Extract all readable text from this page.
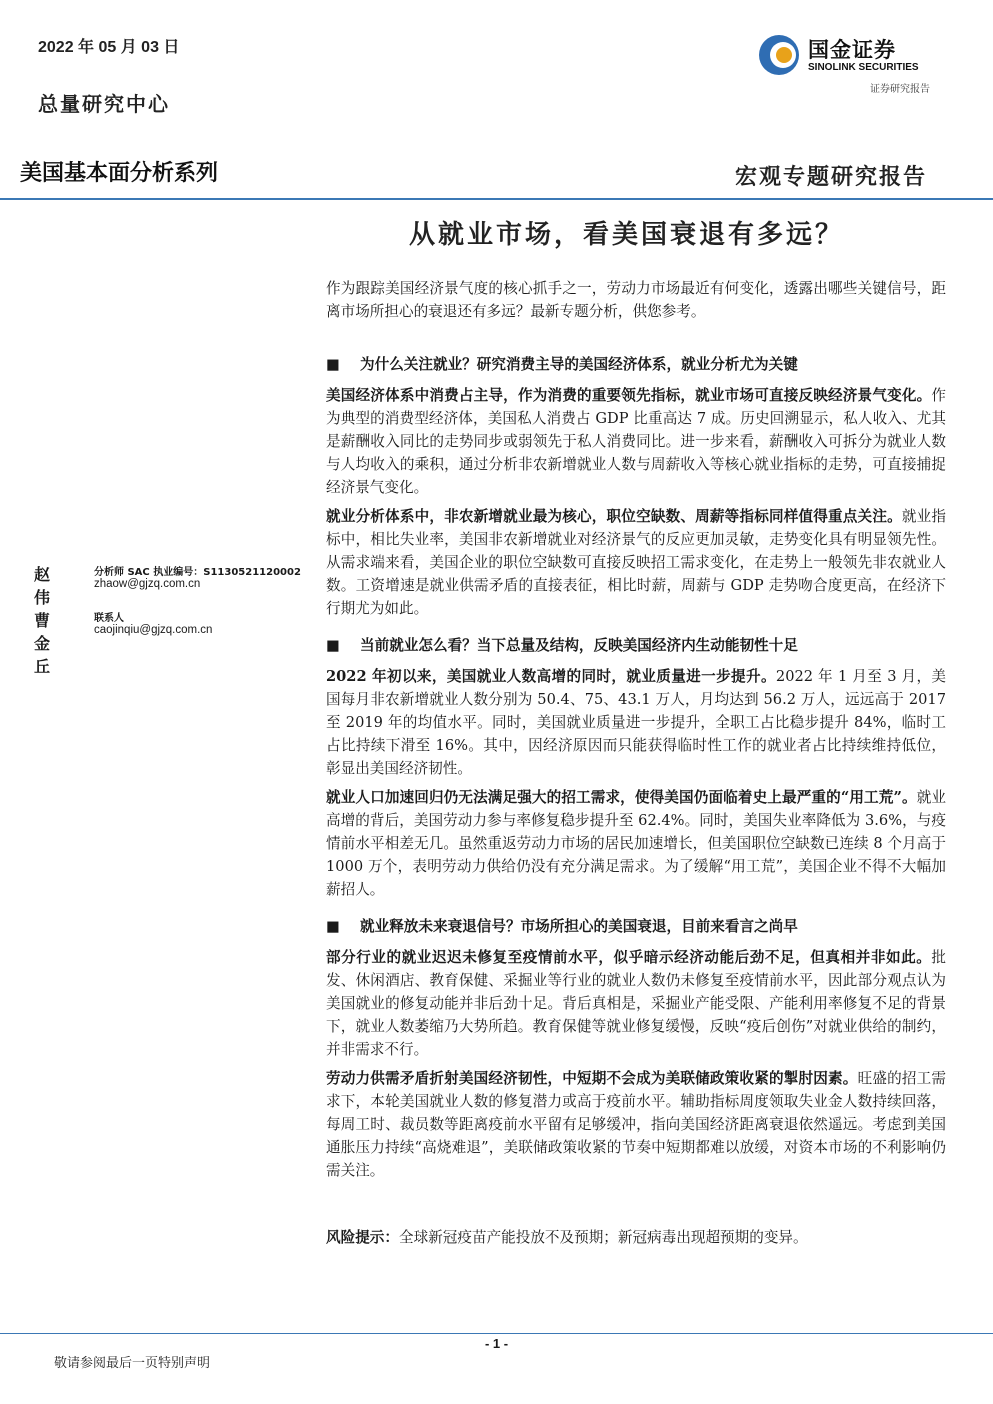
2022 年 05 月 03 日
总量研究中心
国金证券
SINOLINK SECURITIES
证券研究报告
美国基本面分析系列	宏观专题研究报告
从就业市场，看美国衰退有多远？
赵伟
分析师 SAC 执业编号：S1130521120002
zhaow@gjzq.com.cn
曹金丘
联系人
caojinqiu@gjzq.com.cn

作为跟踪美国经济景气度的核心抓手之一，劳动力市场最近有何变化，透露出哪些关键信号，距离市场所担心的衰退还有多远？最新专题分析，供您参考。

■	为什么关注就业？研究消费主导的美国经济体系，就业分析尤为关键

美国经济体系中消费占主导，作为消费的重要领先指标，就业市场可直接反映经济景气变化。作为典型的消费型经济体，美国私人消费占 GDP 比重高达 7 成。历史回溯显示，私人收入、尤其是薪酬收入同比的走势同步或弱领先于私人消费同比。进一步来看，薪酬收入可拆分为就业人数与人均收入的乘积，通过分析非农新增就业人数与周薪收入等核心就业指标的走势，可直接捕捉经济景气变化。

就业分析体系中，非农新增就业最为核心，职位空缺数、周薪等指标同样值得重点关注。就业指标中，相比失业率，美国非农新增就业对经济景气的反应更加灵敏，走势变化具有明显领先性。从需求端来看，美国企业的职位空缺数可直接反映招工需求变化，在走势上一般领先非农就业人数。工资增速是就业供需矛盾的直接表征，相比时薪，周薪与 GDP 走势吻合度更高，在经济下行期尤为如此。

■	当前就业怎么看？当下总量及结构，反映美国经济内生动能韧性十足

2022 年初以来，美国就业人数高增的同时，就业质量进一步提升。2022 年 1 月至 3 月，美国每月非农新增就业人数分别为 50.4、75、43.1 万人，月均达到 56.2 万人，远远高于 2017 至 2019 年的均值水平。同时，美国就业质量进一步提升，全职工占比稳步提升 84%，临时工占比持续下滑至 16%。其中，因经济原因而只能获得临时性工作的就业者占比持续维持低位，彰显出美国经济韧性。

就业人口加速回归仍无法满足强大的招工需求，使得美国仍面临着史上最严重的“用工荒”。就业高增的背后，美国劳动力参与率修复稳步提升至 62.4%。同时，美国失业率降低为 3.6%，与疫情前水平相差无几。虽然重返劳动力市场的居民加速增长，但美国职位空缺数已连续 8 个月高于 1000 万个，表明劳动力供给仍没有充分满足需求。为了缓解“用工荒”，美国企业不得不大幅加薪招人。

■	就业释放未来衰退信号？市场所担心的美国衰退，目前来看言之尚早

部分行业的就业迟迟未修复至疫情前水平，似乎暗示经济动能后劲不足，但真相并非如此。批发、休闲酒店、教育保健、采掘业等行业的就业人数仍未修复至疫情前水平，因此部分观点认为美国就业的修复动能并非后劲十足。背后真相是，采掘业产能受限、产能利用率修复不足的背景下，就业人数萎缩乃大势所趋。教育保健等就业修复缓慢，反映“疫后创伤”对就业供给的制约，并非需求不行。

劳动力供需矛盾折射美国经济韧性，中短期不会成为美联储政策收紧的掣肘因素。旺盛的招工需求下，本轮美国就业人数的修复潜力或高于疫前水平。辅助指标周度领取失业金人数持续回落，每周工时、裁员数等距离疫前水平留有足够缓冲，指向美国经济距离衰退依然遥远。考虑到美国通胀压力持续“高烧难退”，美联储政策收紧的节奏中短期都难以放缓，对资本市场的不利影响仍需关注。

风险提示：全球新冠疫苗产能投放不及预期；新冠病毒出现超预期的变异。

- 1 -
敬请参阅最后一页特别声明
